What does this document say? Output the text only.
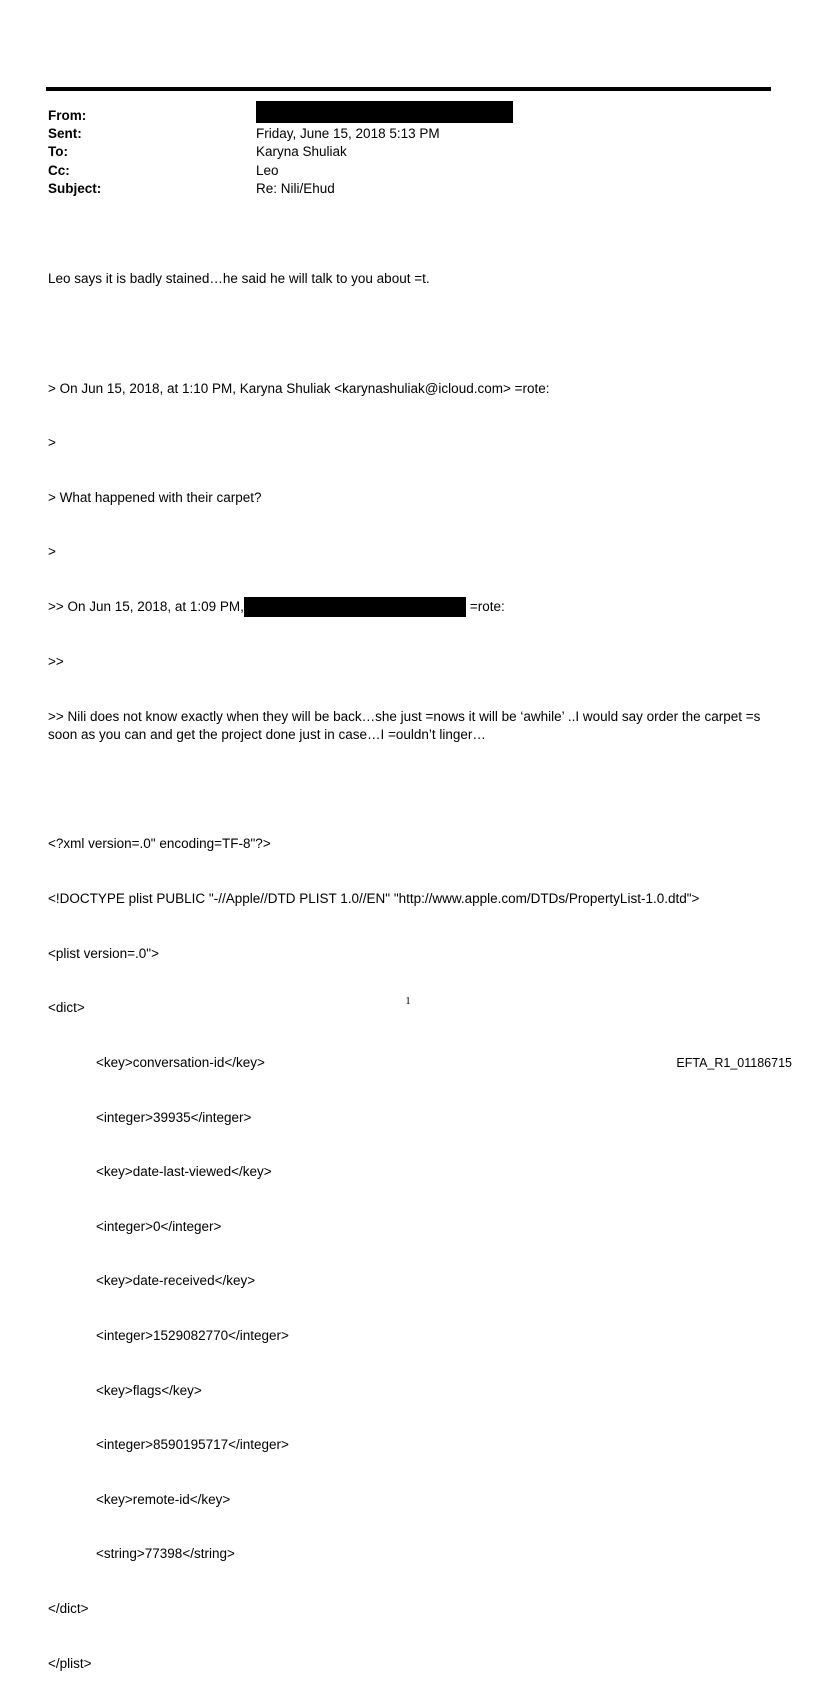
From:
Sent:	Friday, June 15, 2018 5:13 PM
To:	Karyna Shuliak
Cc:	Leo
Subject:	Re: Nili/Ehud

Leo says it is badly stained…he said he will talk to you about =t.

> On Jun 15, 2018, at 1:10 PM, Karyna Shuliak <karynashuliak@icloud.com> =rote:

>

> What happened with their carpet?

>

>> On Jun 15, 2018, at 1:09 PM,	=rote:

>>

>> Nili does not know exactly when they will be back…she just =nows it will be ‘awhile’ ..I would say order the carpet =s soon as you can and get the project done just in case…I =ouldn’t linger…

<?xml version=.0" encoding=TF-8"?>

<!DOCTYPE plist PUBLIC "-//Apple//DTD PLIST 1.0//EN" "http://www.apple.com/DTDs/PropertyList-1.0.dtd">

<plist version=.0">

<dict>

<key>conversation-id</key>

<integer>39935</integer>

<key>date-last-viewed</key>

<integer>0</integer>

<key>date-received</key>

<integer>1529082770</integer>

<key>flags</key>

<integer>8590195717</integer>

<key>remote-id</key>

<string>77398</string>

</dict>

</plist>

1
EFTA_R1_01186715
